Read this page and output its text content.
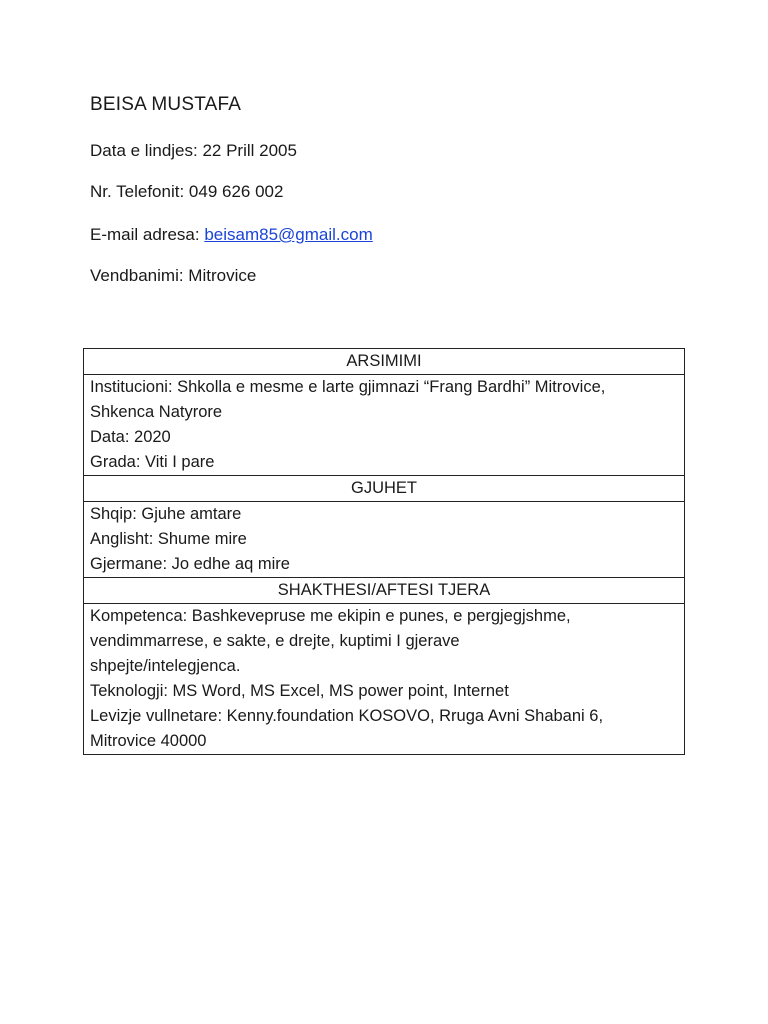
BEISA MUSTAFA
Data e lindjes: 22 Prill 2005
Nr. Telefonit: 049 626 002
E-mail adresa: beisam85@gmail.com
Vendbanimi: Mitrovice
ARSIMIMI

Institucioni: Shkolla e mesme e larte gjimnazi “Frang Bardhi” Mitrovice,
Shkenca Natyrore
Data: 2020
Grada: Viti I pare

GJUHET

Shqip: Gjuhe amtare
Anglisht: Shume mire
Gjermane: Jo edhe aq mire

SHAKTHESI/AFTESI TJERA

Kompetenca: Bashkevepruse me ekipin e punes, e pergjegjshme,
vendimmarrese, e sakte, e drejte, kuptimi I gjerave
shpejte/intelegjenca.
Teknologji: MS Word, MS Excel, MS power point, Internet
Levizje vullnetare: Kenny.foundation KOSOVO, Rruga Avni Shabani 6,
Mitrovice 40000
